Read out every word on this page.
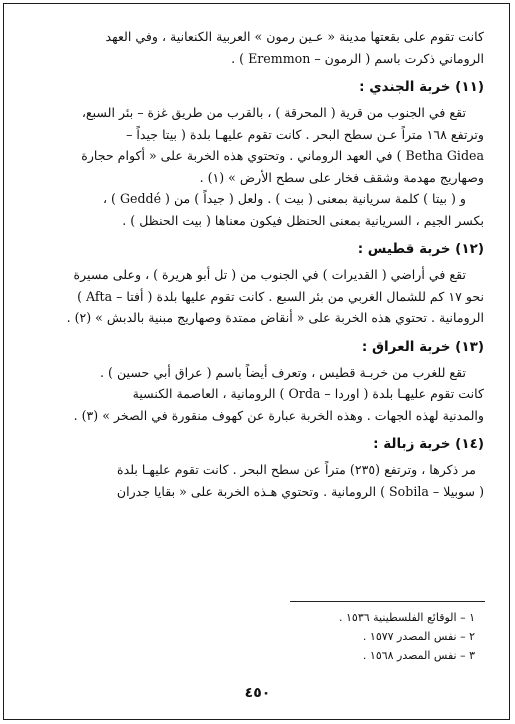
كانت تقوم على بقعتها مدينة « عـين رمون » العربية الكنعانية ، وفي العهد
الروماني ذكرت باسم ( الرمون – Eremmon ) .

(١١) خربة الجندي :

تقع في الجنوب من قرية ( المحرقة ) ، بالقرب من طريق غزة – بئر السبع،
وترتفع ١٦٨ متراً عـن سطح البحر . كانت تقوم عليهـا بلدة ( بيتا جيداً –
Betha Gidea ) في العهد الروماني . وتحتوي هذه الخربة على « أكوام حجارة
وصهاريج مهدمة وشقف فخار على سطح الأرض » (١) .

و ( بيتا ) كلمة سريانية بمعنى ( بيت ) . ولعل ( جيداً ) من ( Geddé ) ،
بكسر الجيم ، السريانية بمعنى الحنظل فيكون معناها ( بيت الحنظل ) .

(١٢) خربة قطيس :

تقع في أراضي ( القديرات ) في الجنوب من ( تل أبو هريرة ) ، وعلى مسيرة
نحو ١٧ كم للشمال الغربي من بئر السبع . كانت تقوم عليها بلدة ( أفتا – Afta )
الرومانية . تحتوي هذه الخربة على « أنقاض ممتدة وصهاريج مبنية بالدبش » (٢) .

(١٣) خربة العراق :

تقع للغرب من خربـة قطيس ، وتعرف أيضاً باسم ( عراق أبي حسين ) .
كانت تقوم عليهـا بلدة ( اوردا – Orda ) الرومانية ، العاصمة الكنسية
والمدنية لهذه الجهات . وهذه الخربة عبارة عن كهوف منقورة في الصخر » (٣) .

(١٤) خربة زبالة :

مر ذكرها ، وترتفع (٢٣٥) متراً عن سطح البحر . كانت تقوم عليهـا بلدة
( سوبيلا – Sobila ) الرومانية . وتحتوي هـذه الخربة على « بقايا جدران

١ – الوقائع الفلسطينية ١٥٣٦ .
٢ – نفس المصدر ١٥٧٧ .
٣ – نفس المصدر ١٥٦٨ .
٤٥٠
